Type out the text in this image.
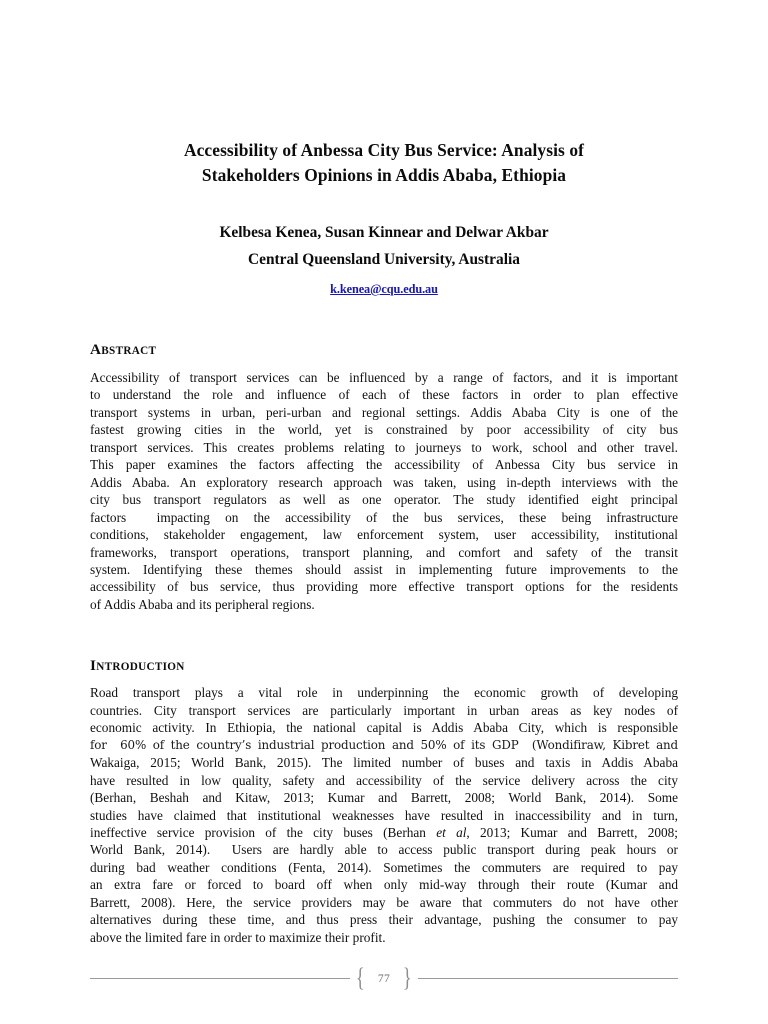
Accessibility of Anbessa City Bus Service: Analysis of
Stakeholders Opinions in Addis Ababa, Ethiopia
Kelbesa Kenea, Susan Kinnear and Delwar Akbar
Central Queensland University, Australia
k.kenea@cqu.edu.au
ABSTRACT

Accessibility of transport services can be influenced by a range of factors, and it is important
to understand the role and influence of each of these factors in order to plan effective
transport systems in urban, peri-urban and regional settings. Addis Ababa City is one of the
fastest growing cities in the world, yet is constrained by poor accessibility of city bus
transport services. This creates problems relating to journeys to work, school and other travel.
This paper examines the factors affecting the accessibility of Anbessa City bus service in
Addis Ababa. An exploratory research approach was taken, using in-depth interviews with the
city bus transport regulators as well as one operator. The study identified eight principal
factors  impacting on the accessibility of the bus services, these being infrastructure
conditions, stakeholder engagement, law enforcement system, user accessibility, institutional
frameworks, transport operations, transport planning, and comfort and safety of the transit
system. Identifying these themes should assist in implementing future improvements to the
accessibility of bus service, thus providing more effective transport options for the residents
of Addis Ababa and its peripheral regions.

INTRODUCTION

Road transport plays a vital role in underpinning the economic growth of developing
countries. City transport services are particularly important in urban areas as key nodes of
economic activity. In Ethiopia, the national capital is Addis Ababa City, which is responsible
for  60% of the country’s industrial production and 50% of its GDP  (Wondifiraw, Kibret and
Wakaiga, 2015; World Bank, 2015). The limited number of buses and taxis in Addis Ababa
have resulted in low quality, safety and accessibility of the service delivery across the city
(Berhan, Beshah and Kitaw, 2013; Kumar and Barrett, 2008; World Bank, 2014). Some
studies have claimed that institutional weaknesses have resulted in inaccessibility and in turn,
ineffective service provision of the city buses (Berhan et al, 2013; Kumar and Barrett, 2008;
World Bank, 2014).  Users are hardly able to access public transport during peak hours or
during bad weather conditions (Fenta, 2014). Sometimes the commuters are required to pay
an extra fare or forced to board off when only mid-way through their route (Kumar and
Barrett, 2008). Here, the service providers may be aware that commuters do not have other
alternatives during these time, and thus press their advantage, pushing the consumer to pay
above the limited fare in order to maximize their profit.

{	77 }
